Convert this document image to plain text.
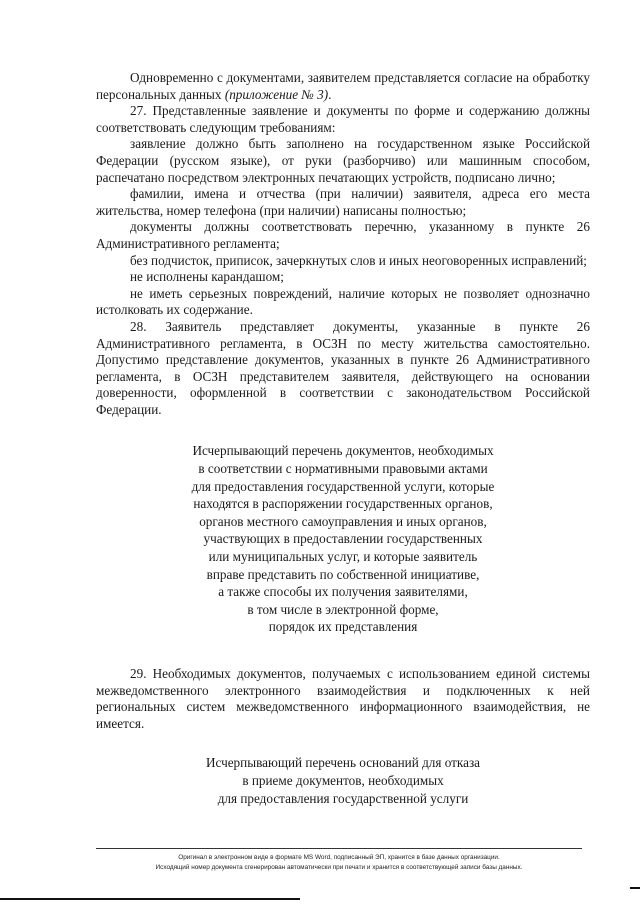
Одновременно с документами, заявителем представляется согласие на обработку персональных данных (приложение № 3).

27. Представленные заявление и документы по форме и содержанию должны соответствовать следующим требованиям:

заявление должно быть заполнено на государственном языке Российской Федерации (русском языке), от руки (разборчиво) или машинным способом, распечатано посредством электронных печатающих устройств, подписано лично;

фамилии, имена и отчества (при наличии) заявителя, адреса его места жительства, номер телефона (при наличии) написаны полностью;

документы должны соответствовать перечню, указанному в пункте 26 Административного регламента;

без подчисток, приписок, зачеркнутых слов и иных неоговоренных исправлений;

не исполнены карандашом;

не иметь серьезных повреждений, наличие которых не позволяет однозначно истолковать их содержание.

28. Заявитель представляет документы, указанные в пункте 26 Административного регламента, в ОСЗН по месту жительства самостоятельно. Допустимо представление документов, указанных в пункте 26 Административного регламента, в ОСЗН представителем заявителя, действующего на основании доверенности, оформленной в соответствии с законодательством Российской Федерации.

Исчерпывающий перечень документов, необходимых
в соответствии с нормативными правовыми актами
для предоставления государственной услуги, которые
находятся в распоряжении государственных органов,
органов местного самоуправления и иных органов,
участвующих в предоставлении государственных
или муниципальных услуг, и которые заявитель
вправе представить по собственной инициативе,
а также способы их получения заявителями,
в том числе в электронной форме,
порядок их представления

29. Необходимых документов, получаемых с использованием единой системы межведомственного электронного взаимодействия и подключенных к ней региональных систем межведомственного информационного взаимодействия, не имеется.

Исчерпывающий перечень оснований для отказа
в приеме документов, необходимых
для предоставления государственной услуги
Оригинал в электронном виде в формате MS Word, подписанный ЭП, хранится в базе данных организации.
Исходящий номер документа сгенерирован автоматически при печати и хранится в соответствующей записи базы данных.
